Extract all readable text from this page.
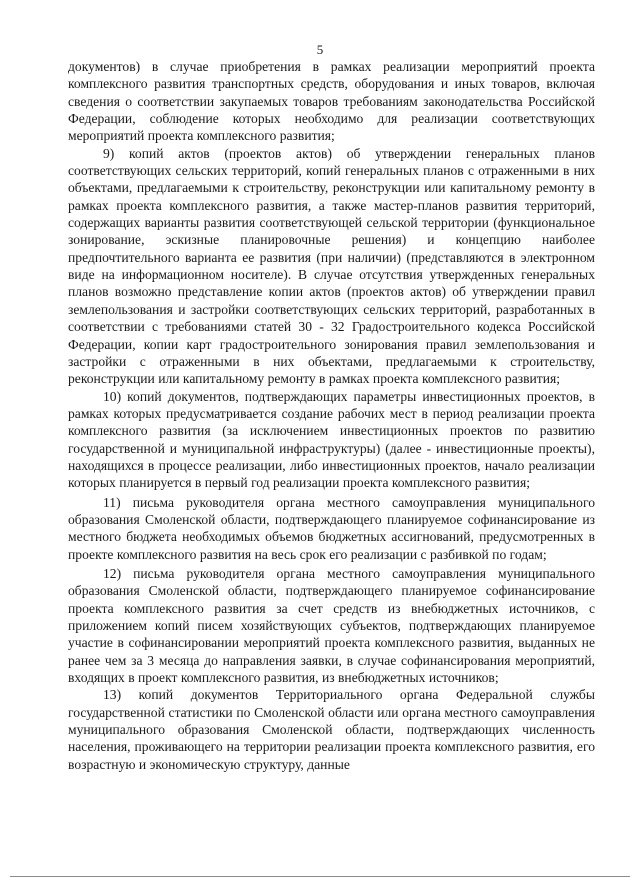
5

документов) в случае приобретения в рамках реализации мероприятий проекта комплексного развития транспортных средств, оборудования и иных товаров, включая сведения о соответствии закупаемых товаров требованиям законодательства Российской Федерации, соблюдение которых необходимо для реализации соответствующих мероприятий проекта комплексного развития;

9) копий актов (проектов актов) об утверждении генеральных планов соответствующих сельских территорий, копий генеральных планов с отраженными в них объектами, предлагаемыми к строительству, реконструкции или капитальному ремонту в рамках проекта комплексного развития, а также мастер-планов развития территорий, содержащих варианты развития соответствующей сельской территории (функциональное зонирование, эскизные планировочные решения) и концепцию наиболее предпочтительного варианта ее развития (при наличии) (представляются в электронном виде на информационном носителе). В случае отсутствия утвержденных генеральных планов возможно представление копии актов (проектов актов) об утверждении правил землепользования и застройки соответствующих сельских территорий, разработанных в соответствии с требованиями статей 30 - 32 Градостроительного кодекса Российской Федерации, копии карт градостроительного зонирования правил землепользования и застройки с отраженными в них объектами, предлагаемыми к строительству, реконструкции или капитальному ремонту в рамках проекта комплексного развития;

10) копий документов, подтверждающих параметры инвестиционных проектов, в рамках которых предусматривается создание рабочих мест в период реализации проекта комплексного развития (за исключением инвестиционных проектов по развитию государственной и муниципальной инфраструктуры) (далее - инвестиционные проекты), находящихся в процессе реализации, либо инвестиционных проектов, начало реализации которых планируется в первый год реализации проекта комплексного развития;

11) письма руководителя органа местного самоуправления муниципального образования Смоленской области, подтверждающего планируемое софинансирование из местного бюджета необходимых объемов бюджетных ассигнований, предусмотренных в проекте комплексного развития на весь срок его реализации с разбивкой по годам;

12) письма руководителя органа местного самоуправления муниципального образования Смоленской области, подтверждающего планируемое софинансирование проекта комплексного развития за счет средств из внебюджетных источников, с приложением копий писем хозяйствующих субъектов, подтверждающих планируемое участие в софинансировании мероприятий проекта комплексного развития, выданных не ранее чем за 3 месяца до направления заявки, в случае софинансирования мероприятий, входящих в проект комплексного развития, из внебюджетных источников;

13) копий документов Территориального органа Федеральной службы государственной статистики по Смоленской области или органа местного самоуправления муниципального образования Смоленской области, подтверждающих численность населения, проживающего на территории реализации проекта комплексного развития, его возрастную и экономическую структуру, данные
